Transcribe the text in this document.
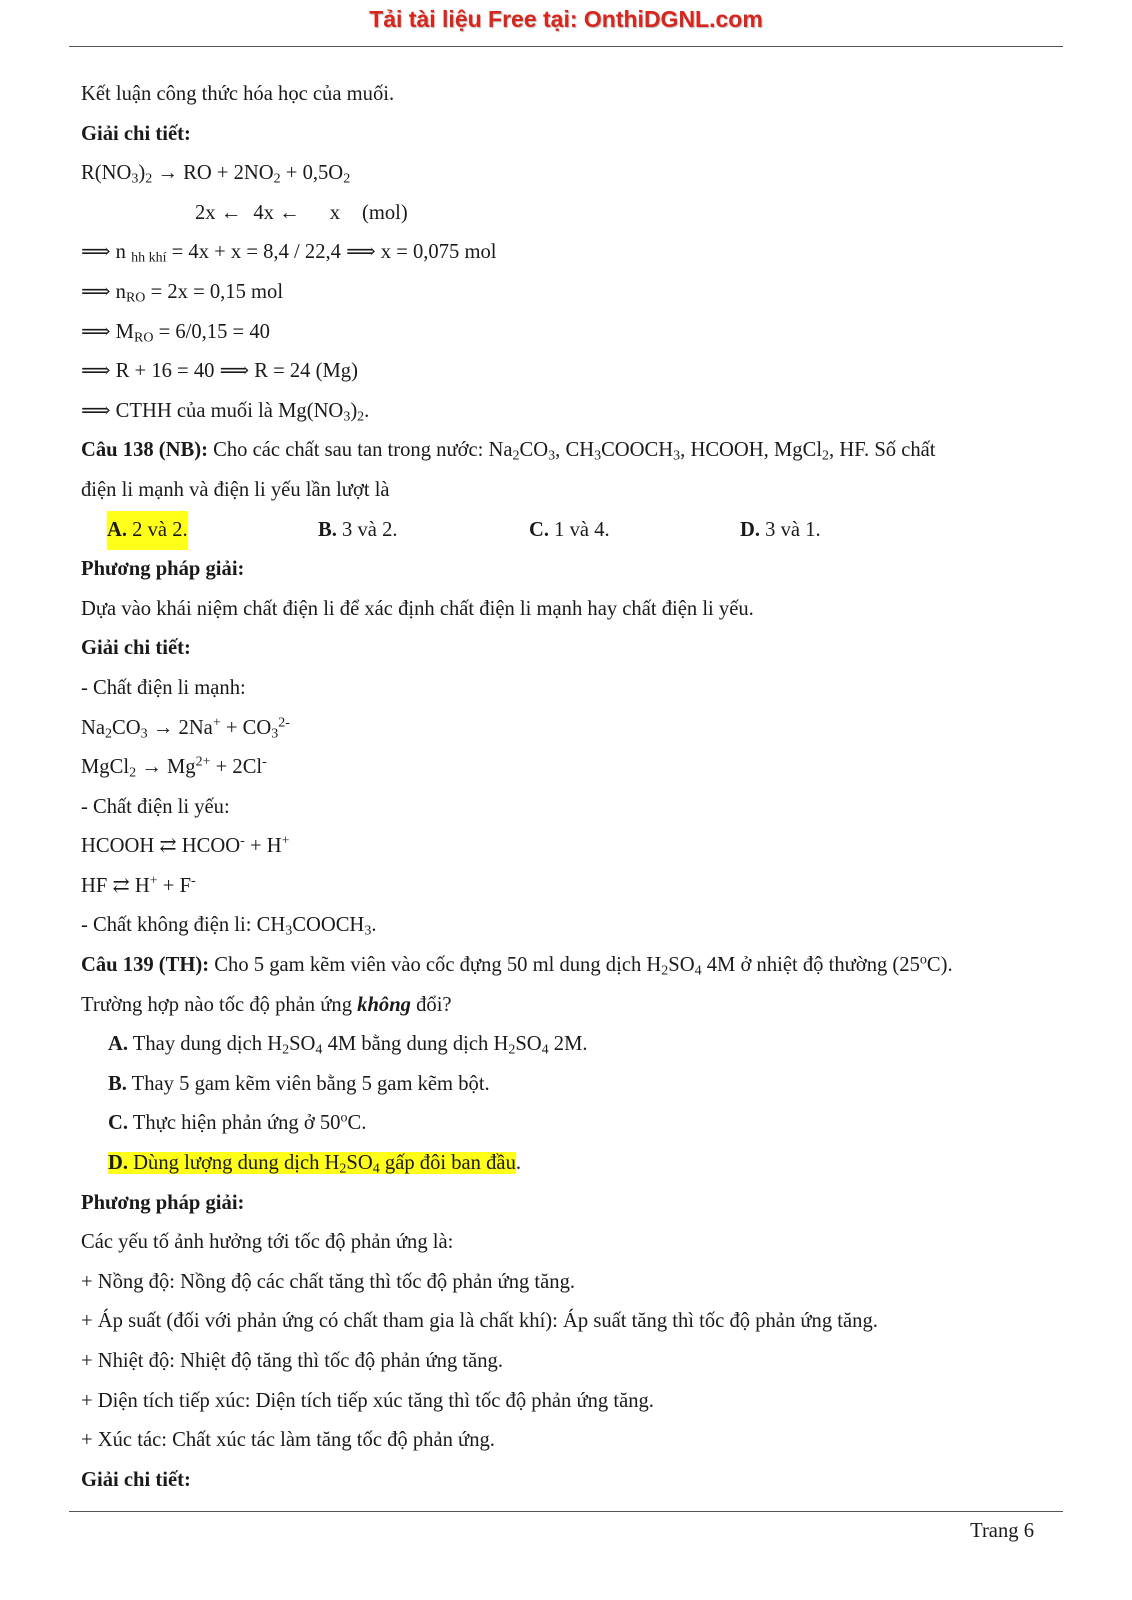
Tải tài liệu Free tại: OnthiDGNL.com
Kết luận công thức hóa học của muối.
Giải chi tiết:
$R(NO_3)_2$ → RO + $2NO_2 + 0,5O_2$
2x ← 4x ← x (mol)
⟹ n $_{hh khí}$ = 4x + x = 8,4 / 22,4 ⟹ x = 0,075 mol
⟹ $n_{RO} = 2x = 0,15$ mol
⟹ $M_{RO} = 6/0,15 = 40$
⟹ R + 16 = 40 ⟹ R = 24 (Mg)
⟹ CTHH của muối là $Mg(NO_3)_2$.
Câu 138 (NB): Cho các chất sau tan trong nước: $Na_2CO_3$, $CH_3COOCH_3$, HCOOH, MgCl$_2$, HF. Số chất
điện li mạnh và điện li yếu lần lượt là
A. 2 và 2.	B. 3 và 2.	C. 1 và 4.	D. 3 và 1.
Phương pháp giải:
Dựa vào khái niệm chất điện li để xác định chất điện li mạnh hay chất điện li yếu.
Giải chi tiết:
- Chất điện li mạnh:
$Na_2CO_3 \to 2Na^+ + CO_3^{2-}$
MgCl$_2$ → $Mg^{2+} + 2Cl^-$
- Chất điện li yếu:
HCOOH ⇄ HCOO- + H+
HF ⇄ H+ + F-
- Chất không điện li: $CH_3COOCH_3$.
Câu 139 (TH): Cho 5 gam kẽm viên vào cốc đựng 50 ml dung dịch $H_2SO_4$ 4M ở nhiệt độ thường (25$^o$C).
Trường hợp nào tốc độ phản ứng không đổi?
A. Thay dung dịch $H_2SO_4$ 4M bằng dung dịch $H_2SO_4$ 2M.
B. Thay 5 gam kẽm viên bằng 5 gam kẽm bột.
C. Thực hiện phản ứng ở 50$^o$C.
D. Dùng lượng dung dịch $H_2SO_4$ gấp đôi ban đầu.
Phương pháp giải:
Các yếu tố ảnh hưởng tới tốc độ phản ứng là:
+ Nồng độ: Nồng độ các chất tăng thì tốc độ phản ứng tăng.
+ Áp suất (đối với phản ứng có chất tham gia là chất khí): Áp suất tăng thì tốc độ phản ứng tăng.
+ Nhiệt độ: Nhiệt độ tăng thì tốc độ phản ứng tăng.
+ Diện tích tiếp xúc: Diện tích tiếp xúc tăng thì tốc độ phản ứng tăng.
+ Xúc tác: Chất xúc tác làm tăng tốc độ phản ứng.
Giải chi tiết:
Trang 6
